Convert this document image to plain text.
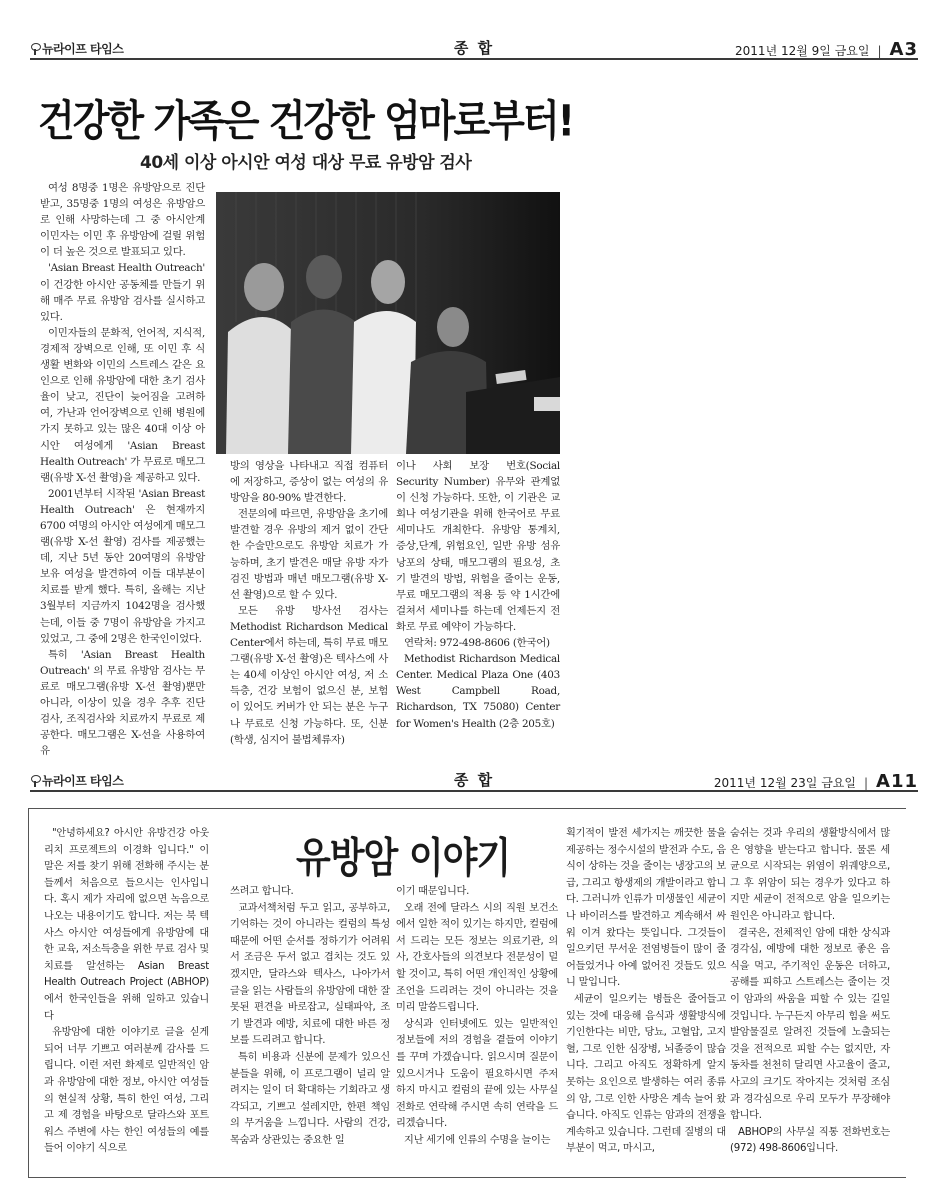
뉴라이프 타임스	종 합	2011년 12월 9일 금요일 | A3
건강한 가족은 건강한 엄마로부터!
40세 이상 아시안 여성 대상 무료 유방암 검사

여성 8명중 1명은 유방암으로 진단 받고, 35명중 1명의 여성은 유방암으로 인해 사망하는데 그 중 아시안계 이민자는 이민 후 유방암에 걸릴 위험이 더 높은 것으로 발표되고 있다.

'Asian Breast Health Outreach' 이 건강한 아시안 공동체를 만들기 위해 매주 무료 유방암 검사를 실시하고 있다.

이민자들의 문화적, 언어적, 지식적, 경제적 장벽으로 인해, 또 이민 후 식생활 변화와 이민의 스트레스 같은 요인으로 인해 유방암에 대한 초기 검사율이 낮고, 진단이 늦어짐을 고려하여, 가난과 언어장벽으로 인해 병원에 가지 못하고 있는 많은 40대 이상 아시안 여성에게 'Asian Breast Health Outreach' 가 무료로 매모그램(유방 X-선 촬영)을 제공하고 있다.

2001년부터 시작된 'Asian Breast Health Outreach' 은 현재까지 6700 여명의 아시안 여성에게 매모그램(유방 X-선 촬영) 검사를 제공했는데, 지난 5년 동안 20여명의 유방암 보유 여성을 발견하여 이들 대부분이 치료를 받게 했다. 특히, 올해는 지난 3월부터 지금까지 1042명을 검사했는데, 이들 중 7명이 유방암을 가지고 있었고, 그 중에 2명은 한국인이었다.

특히 'Asian Breast Health Outreach' 의 무료 유방암 검사는 무료로 매모그램(유방 X-선 촬영)뿐만 아니라, 이상이 있을 경우 추후 진단검사, 조직검사와 치료까지 무료로 제공한다. 매모그램은 X-선을 사용하여 유

방의 영상을 나타내고 직접 컴퓨터에 저장하고, 증상이 없는 여성의 유방암을 80-90% 발견한다.

전문의에 따르면, 유방암을 초기에 발견할 경우 유방의 제거 없이 간단한 수술만으로도 유방암 치료가 가능하며, 초기 발견은 매달 유방 자가 검진 방법과 매년 매모그램(유방 X-선 촬영)으로 할 수 있다.

모든 유방 방사선 검사는 Methodist Richardson Medical Center에서 하는데, 특히 무료 매모그램(유방 X-선 촬영)은 텍사스에 사는 40세 이상인 아시안 여성, 저 소득층, 건강 보험이 없으신 분, 보험이 있어도 커버가 안 되는 분은 누구나 무료로 신청 가능하다. 또, 신분(학생, 심지어 불법체류자)

이나 사회 보장 번호(Social Security Number) 유무와 관계없이 신청 가능하다. 또한, 이 기관은 교회나 여성기관을 위해 한국어로 무료 세미나도 개최한다. 유방암 통계치, 증상,단계, 위험요인, 일반 유방 섬유 낭포의 상태, 매모그램의 필요성, 초기 발견의 방법, 위험을 줄이는 운동, 무료 매모그램의 적용 등 약 1시간에 걸쳐서 세미나를 하는데 언제든지 전화로 무료 예약이 가능하다.

연락처: 972-498-8606 (한국어)

Methodist Richardson Medical Center. Medical Plaza One (403 West Campbell Road, Richardson, TX 75080) Center for Women's Health (2층 205호)

뉴라이프 타임스	종 합	2011년 12월 23일 금요일 | A11
유방암 이야기

"안녕하세요? 아시안 유방건강 아웃리치 프로젝트의 이경화 입니다." 이 말은 저를 찾기 위해 전화해 주시는 분들께서 처음으로 들으시는 인사입니다. 혹시 제가 자리에 없으면 녹음으로 나오는 내용이기도 합니다. 저는 북 텍사스 아시안 여성들에게 유방암에 대한 교육, 저소득층을 위한 무료 검사 및 치료를 알선하는 Asian Breast Health Outreach Project (ABHOP) 에서 한국인들을 위해 일하고 있습니다

유방암에 대한 이야기로 글을 싣게 되어 너무 기쁘고 여러분께 감사를 드립니다. 이런 저런 화제로 일반적인 암과 유방암에 대한 정보, 아시안 여성들의 현실적 상황, 특히 한인 여성, 그리고 제 경험을 바탕으로 달라스와 포트워스 주변에 사는 한인 여성들의 예를 들어 이야기 식으로

쓰려고 합니다.

교과서책처럼 두고 읽고, 공부하고, 기억하는 것이 아니라는 컬럼의 특성 때문에 어떤 순서를 정하기가 어려워서 조금은 두서 없고 겹치는 것도 있겠지만, 달라스와 텍사스, 나아가서 글을 읽는 사람들의 유방암에 대한 잘못된 편견을 바로잡고, 실태파악, 조기 발견과 예방, 치료에 대한 바른 정보를 드리려고 합니다.

특히 비용과 신분에 문제가 있으신 분들을 위해, 이 프로그램이 널리 알려지는 일이 더 확대하는 기회라고 생각되고, 기쁘고 설레지만, 한편 책임의 무거움을 느낍니다. 사람의 건강, 목숨과 상관있는 중요한 일

이기 때문입니다.

오래 전에 달라스 시의 직원 보건소에서 일한 적이 있기는 하지만, 컬럼에서 드리는 모든 정보는 의료기관, 의사, 간호사들의 의견보다 전문성이 덜할 것이고, 특히 어떤 개인적인 상황에 조언을 드리려는 것이 아니라는 것을 미리 말씀드립니다.

상식과 인터넷에도 있는 일반적인 정보들에 저의 경험을 곁들여 이야기를 꾸며 가겠습니다. 읽으시며 질문이 있으시거나 도움이 필요하시면 주저하지 마시고 컬럼의 끝에 있는 사무실 전화로 연락해 주시면 속히 연락을 드리겠습니다.

지난 세기에 인류의 수명을 늘이는

획기적이 발전 세가지는 깨끗한 물을 제공하는 정수시설의 발전과 수도, 음식이 상하는 것을 줄이는 냉장고의 보급, 그리고 항생제의 개발이라고 합니다. 그러니까 인류가 미생물인 세균이나 바이러스를 발견하고 계속해서 싸워 이겨 왔다는 뜻입니다. 그것들이 일으키던 무서운 전염병들이 많이 줄어들었거나 아예 없어진 것들도 있으니 말입니다.

세균이 일으키는 병들은 줄어들고 있는 것에 대응해 음식과 생활방식에 기인한다는 비만, 당뇨, 고혈압, 고지혈, 그로 인한 심장병, 뇌졸증이 많습니다. 그리고 아직도 정확하게 알지 못하는 요인으로 발생하는 여러 종류의 암, 그로 인한 사망은 계속 늘어 왔습니다. 아직도 인류는 암과의 전쟁을 계속하고 있습니다. 그런데 질병의 대부분이 먹고, 마시고,

숨쉬는 것과 우리의 생활방식에서 많은 영향을 받는다고 합니다. 물론 세균으로 시작되는 위염이 위궤양으로, 그 후 위암이 되는 경우가 있다고 하지만 세균이 전적으로 암을 일으키는 원인은 아니라고 합니다.

결국은, 전체적인 암에 대한 상식과 경각심, 예방에 대한 정보로 좋은 음식을 먹고, 주기적인 운동은 더하고, 공해를 피하고 스트레스는 줄이는 것이 암과의 싸움을 피할 수 있는 길일 것입니다. 누구든지 아무리 힘을 써도 발암물질로 알려진 것들에 노출되는 것을 전적으로 피할 수는 없지만, 자동차를 천천히 달리면 사고율이 줄고, 사고의 크기도 작아지는 것처럼 조심과 경각심으로 우리 모두가 무장해야 합니다.

ABHOP의 사무실 직통 전화번호는(972) 498-8606입니다.
